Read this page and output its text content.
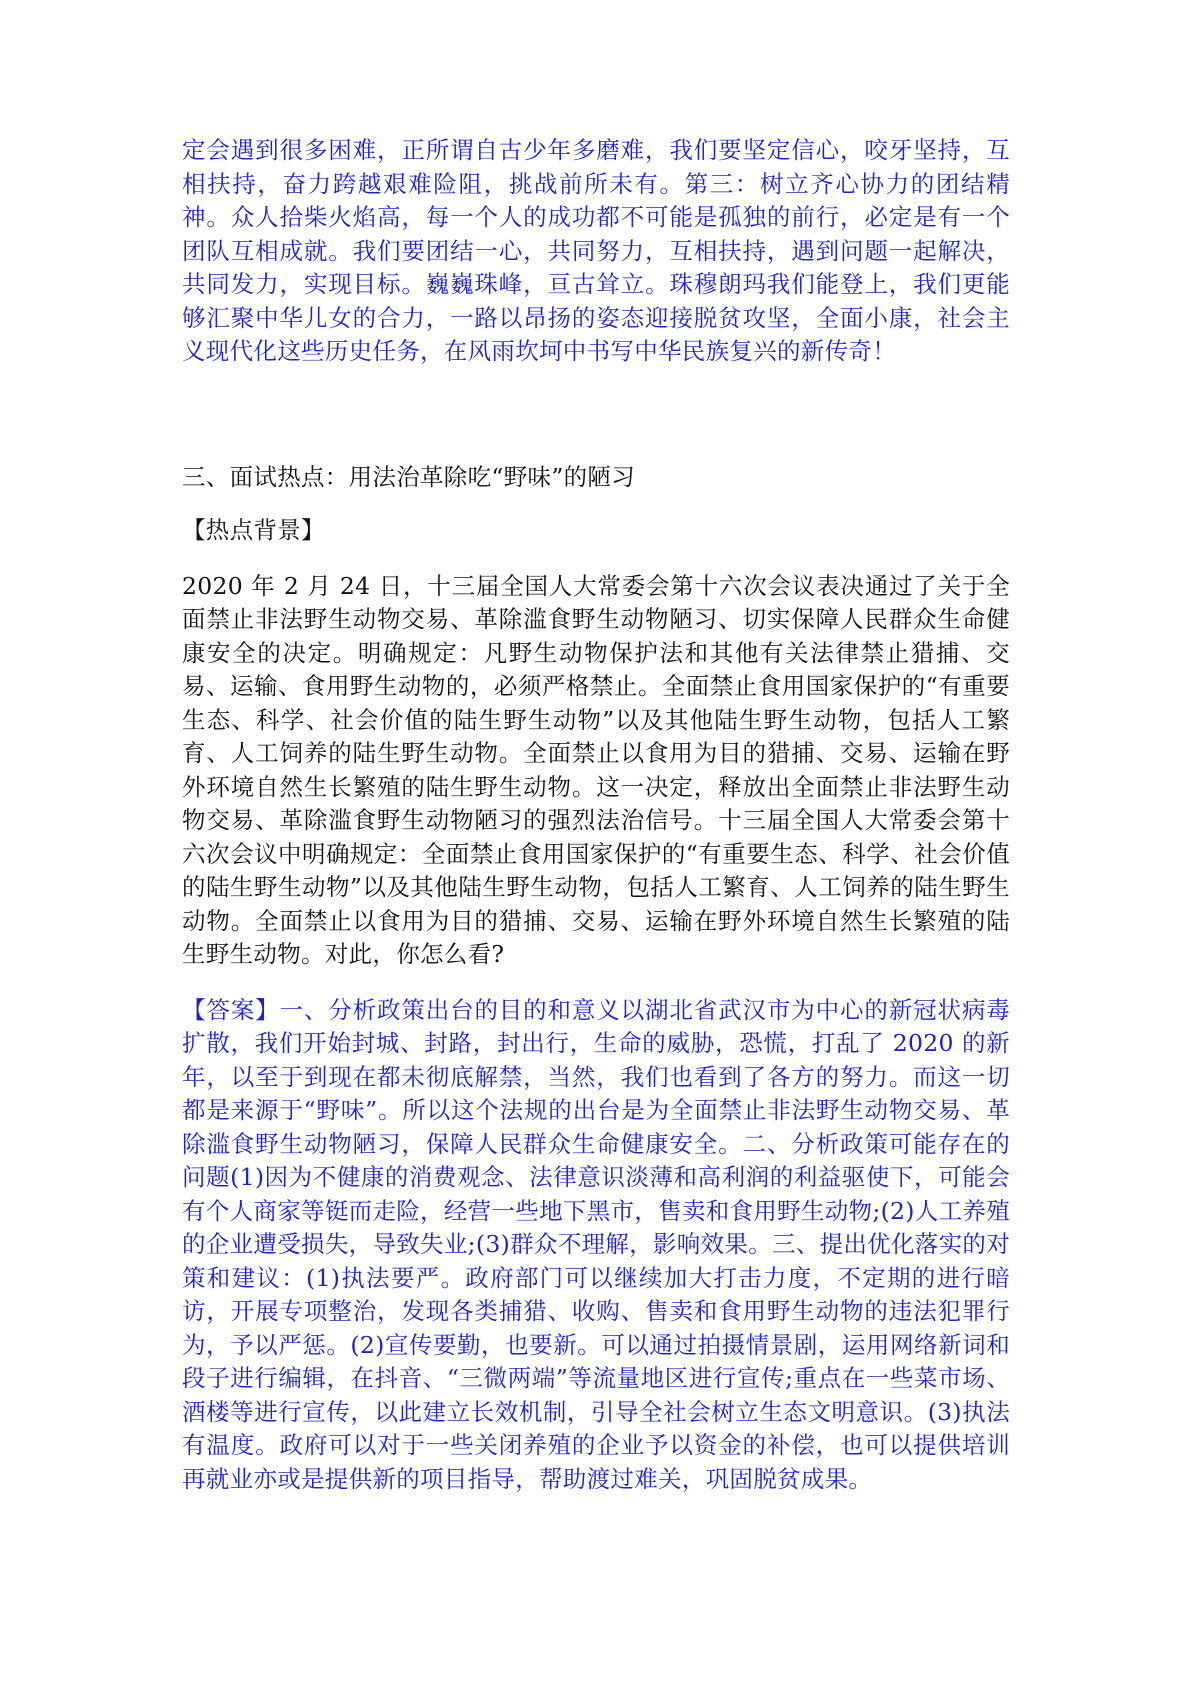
定会遇到很多困难，正所谓自古少年多磨难，我们要坚定信心，咬牙坚持，互相扶持，奋力跨越艰难险阻，挑战前所未有。第三：树立齐心协力的团结精神。众人拾柴火焰高，每一个人的成功都不可能是孤独的前行，必定是有一个团队互相成就。我们要团结一心，共同努力，互相扶持，遇到问题一起解决，共同发力，实现目标。巍巍珠峰，亘古耸立。珠穆朗玛我们能登上，我们更能够汇聚中华儿女的合力，一路以昂扬的姿态迎接脱贫攻坚，全面小康，社会主义现代化这些历史任务，在风雨坎坷中书写中华民族复兴的新传奇！

三、面试热点：用法治革除吃“野味”的陋习

【热点背景】

2020 年 2 月 24 日，十三届全国人大常委会第十六次会议表决通过了关于全面禁止非法野生动物交易、革除滥食野生动物陋习、切实保障人民群众生命健康安全的决定。明确规定：凡野生动物保护法和其他有关法律禁止猎捕、交易、运输、食用野生动物的，必须严格禁止。全面禁止食用国家保护的“有重要生态、科学、社会价值的陆生野生动物”以及其他陆生野生动物，包括人工繁育、人工饲养的陆生野生动物。全面禁止以食用为目的猎捕、交易、运输在野外环境自然生长繁殖的陆生野生动物。这一决定，释放出全面禁止非法野生动物交易、革除滥食野生动物陋习的强烈法治信号。十三届全国人大常委会第十六次会议中明确规定：全面禁止食用国家保护的“有重要生态、科学、社会价值的陆生野生动物”以及其他陆生野生动物，包括人工繁育、人工饲养的陆生野生动物。全面禁止以食用为目的猎捕、交易、运输在野外环境自然生长繁殖的陆生野生动物。对此，你怎么看?

【答案】一、分析政策出台的目的和意义以湖北省武汉市为中心的新冠状病毒扩散，我们开始封城、封路，封出行，生命的威胁，恐慌，打乱了 2020 的新年，以至于到现在都未彻底解禁，当然，我们也看到了各方的努力。而这一切都是来源于“野味”。所以这个法规的出台是为全面禁止非法野生动物交易、革除滥食野生动物陋习，保障人民群众生命健康安全。二、分析政策可能存在的问题(1)因为不健康的消费观念、法律意识淡薄和高利润的利益驱使下，可能会有个人商家等铤而走险，经营一些地下黑市，售卖和食用野生动物;(2)人工养殖的企业遭受损失，导致失业;(3)群众不理解，影响效果。三、提出优化落实的对策和建议：(1)执法要严。政府部门可以继续加大打击力度，不定期的进行暗访，开展专项整治，发现各类捕猎、收购、售卖和食用野生动物的违法犯罪行为，予以严惩。(2)宣传要勤，也要新。可以通过拍摄情景剧，运用网络新词和段子进行编辑，在抖音、“三微两端”等流量地区进行宣传;重点在一些菜市场、酒楼等进行宣传，以此建立长效机制，引导全社会树立生态文明意识。(3)执法有温度。政府可以对于一些关闭养殖的企业予以资金的补偿，也可以提供培训再就业亦或是提供新的项目指导，帮助渡过难关，巩固脱贫成果。
